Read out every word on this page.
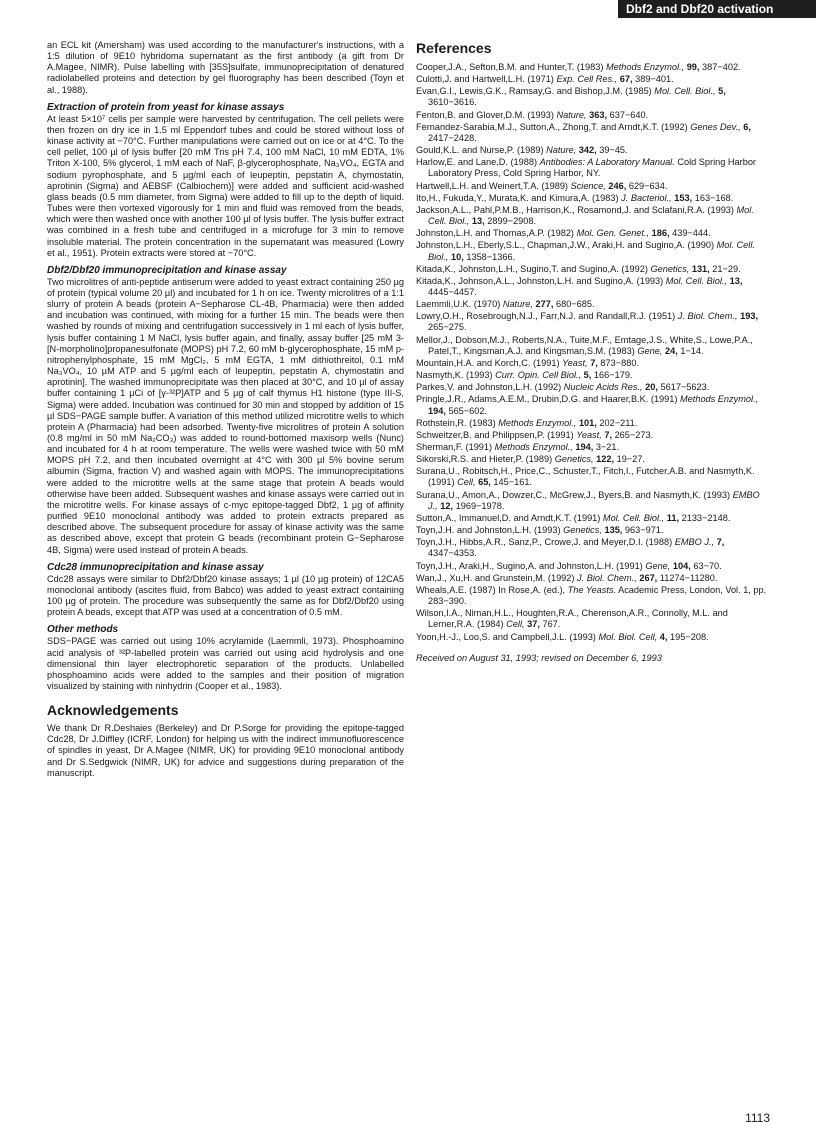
Dbf2 and Dbf20 activation

an ECL kit (Amersham) was used according to the manufacturer's instructions, with a 1:5 dilution of 9E10 hybridoma supernatant as the first antibody (a gift from Dr A.Magee, NIMR). Pulse labelling with [35S]sulfate, immunoprecipitation of denatured radiolabelled proteins and detection by gel fluorography has been described (Toyn et al., 1988).

Extraction of protein from yeast for kinase assays

At least 5×10⁷ cells per sample were harvested by centrifugation. The cell pellets were then frozen on dry ice in 1.5 ml Eppendorf tubes and could be stored without loss of kinase activity at −70°C. Further manipulations were carried out on ice or at 4°C. To the cell pellet, 100 µl of lysis buffer [20 mM Tris pH 7.4, 100 mM NaCl, 10 mM EDTA, 1% Triton X-100, 5% glycerol, 1 mM each of NaF, β-glycerophosphate, Na₃VO₄, EGTA and sodium pyrophosphate, and 5 µg/ml each of leupeptin, pepstatin A, chymostatin, aprotinin (Sigma) and AEBSF (Calbiochem)] were added and sufficient acid-washed glass beads (0.5 mm diameter, from Sigma) were added to fill up to the depth of liquid. Tubes were then vortexed vigorously for 1 min and fluid was removed from the beads, which were then washed once with another 100 µl of lysis buffer. The lysis buffer extract was combined in a fresh tube and centrifuged in a microfuge for 3 min to remove insoluble material. The protein concentration in the supernatant was measured (Lowry et al., 1951). Protein extracts were stored at −70°C.

Dbf2/Dbf20 immunoprecipitation and kinase assay

Two microlitres of anti-peptide antiserum were added to yeast extract containing 250 µg of protein (typical volume 20 µl) and incubated for 1 h on ice. Twenty microlitres of a 1:1 slurry of protein A beads (protein A−Sepharose CL-4B, Pharmacia) were then added and incubation was continued, with mixing for a further 15 min. The beads were then washed by rounds of mixing and centrifugation successively in 1 ml each of lysis buffer, lysis buffer containing 1 M NaCl, lysis buffer again, and finally, assay buffer [25 mM 3-[N-morpholino]propanesulfonate (MOPS) pH 7.2, 60 mM b-glycerophosphate, 15 mM p-nitrophenylphosphate, 15 mM MgCl₂, 5 mM EGTA, 1 mM dithiothreitol, 0.1 mM Na₃VO₄, 10 µM ATP and 5 µg/ml each of leupeptin, pepstatin A, chymostatin and aprotinin]. The washed immunoprecipitate was then placed at 30°C, and 10 µl of assay buffer containing 1 µCi of [γ-³²P]ATP and 5 µg of calf thymus H1 histone (type III-S, Sigma) were added. Incubation was continued for 30 min and stopped by addition of 15 µl SDS−PAGE sample buffer. A variation of this method utilized microtitre wells to which protein A (Pharmacia) had been adsorbed. Twenty-five microlitres of protein A solution (0.8 mg/ml in 50 mM Na₂CO₃) was added to round-bottomed maxisorp wells (Nunc) and incubated for 4 h at room temperature. The wells were washed twice with 50 mM MOPS pH 7.2, and then incubated overnight at 4°C with 300 µl 5% bovine serum albumin (Sigma, fraction V) and washed again with MOPS. The immunoprecipitations were added to the microtitre wells at the same stage that protein A beads would otherwise have been added. Subsequent washes and kinase assays were carried out in the microtitre wells. For kinase assays of c-myc epitope-tagged Dbf2, 1 µg of affinity purified 9E10 monoclonal antibody was added to protein extracts prepared as described above. The subsequent procedure for assay of kinase activity was the same as described above, except that protein G beads (recombinant protein G−Sepharose 4B, Sigma) were used instead of protein A beads.

Cdc28 immunoprecipitation and kinase assay

Cdc28 assays were similar to Dbf2/Dbf20 kinase assays; 1 µl (10 µg protein) of 12CA5 monoclonal antibody (ascites fluid, from Babco) was added to yeast extract containing 100 µg of protein. The procedure was subsequently the same as for Dbf2/Dbf20 using protein A beads, except that ATP was used at a concentration of 0.5 mM.

Other methods

SDS−PAGE was carried out using 10% acrylamide (Laemmli, 1973). Phosphoamino acid analysis of ³²P-labelled protein was carried out using acid hydrolysis and one dimensional thin layer electrophoretic separation of the products. Unlabelled phosphoamino acids were added to the samples and their position of migration visualized by staining with ninhydrin (Cooper et al., 1983).

Acknowledgements

We thank Dr R.Deshaies (Berkeley) and Dr P.Sorge for providing the epitope-tagged Cdc28, Dr J.Diffley (ICRF, London) for helping us with the indirect immunofluorescence of spindles in yeast, Dr A.Magee (NIMR, UK) for providing 9E10 monoclonal antibody and Dr S.Sedgwick (NIMR, UK) for advice and suggestions during preparation of the manuscript.

References

Cooper,J.A., Sefton,B.M. and Hunter,T. (1983) Methods Enzymol., 99, 387−402.

Culotti,J. and Hartwell,L.H. (1971) Exp. Cell Res., 67, 389−401.

Evan,G.I., Lewis,G.K., Ramsay,G. and Bishop,J.M. (1985) Mol. Cell. Biol., 5, 3610−3616.

Fenton,B. and Glover,D.M. (1993) Nature, 363, 637−640.

Fernandez-Sarabia,M.J., Sutton,A., Zhong,T. and Arndt,K.T. (1992) Genes Dev., 6, 2417−2428.

Gould,K.L. and Nurse,P. (1989) Nature, 342, 39−45.

Harlow,E. and Lane,D. (1988) Antibodies: A Laboratory Manual. Cold Spring Harbor Laboratory Press, Cold Spring Harbor, NY.

Hartwell,L.H. and Weinert,T.A. (1989) Science, 246, 629−634.

Ito,H., Fukuda,Y., Murata,K. and Kimura,A. (1983) J. Bacteriol., 153, 163−168.

Jackson,A.L., Pahl,P.M.B., Harrison,K., Rosamond,J. and Sclafani,R.A. (1993) Mol. Cell. Biol., 13, 2899−2908.

Johnston,L.H. and Thomas,A.P. (1982) Mol. Gen. Genet., 186, 439−444.

Johnston,L.H., Eberly,S.L., Chapman,J.W., Araki,H. and Sugino,A. (1990) Mol. Cell. Biol., 10, 1358−1366.

Kitada,K., Johnston,L.H., Sugino,T. and Sugino,A. (1992) Genetics, 131, 21−29.

Kitada,K., Johnson,A.L., Johnston,L.H. and Sugino,A. (1993) Mol. Cell. Biol., 13, 4445−4457.

Laemmli,U.K. (1970) Nature, 277, 680−685.

Lowry,O.H., Rosebrough,N.J., Farr,N.J. and Randall,R.J. (1951) J. Biol. Chem., 193, 265−275.

Mellor,J., Dobson,M.J., Roberts,N.A., Tuite,M.F., Emtage,J.S., White,S., Lowe,P.A., Patel,T., Kingsman,A.J. and Kingsman,S.M. (1983) Gene, 24, 1−14.

Mountain,H.A. and Korch,C. (1991) Yeast, 7, 873−880.

Nasmyth,K. (1993) Curr. Opin. Cell Biol., 5, 166−179.

Parkes,V. and Johnston,L.H. (1992) Nucleic Acids Res., 20, 5617−5623.

Pringle,J.R., Adams,A.E.M., Drubin,D.G. and Haarer,B.K. (1991) Methods Enzymol., 194, 565−602.

Rothstein,R. (1983) Methods Enzymol., 101, 202−211.

Schweitzer,B. and Philippsen,P. (1991) Yeast, 7, 265−273.

Sherman,F. (1991) Methods Enzymol., 194, 3−21.

Sikorski,R.S. and Hieter,P. (1989) Genetics, 122, 19−27.

Surana,U., Robitsch,H., Price,C., Schuster,T., Fitch,I., Futcher,A.B. and Nasmyth,K. (1991) Cell, 65, 145−161.

Surana,U., Amon,A., Dowzer,C., McGrew,J., Byers,B. and Nasmyth,K. (1993) EMBO J., 12, 1969−1978.

Sutton,A., Immanuel,D. and Arndt,K.T. (1991) Mol. Cell. Biol., 11, 2133−2148.

Toyn,J.H. and Johnston,L.H. (1993) Genetics, 135, 963−971.

Toyn,J.H., Hibbs,A.R., Sanz,P., Crowe,J. and Meyer,D.I. (1988) EMBO J., 7, 4347−4353.

Toyn,J.H., Araki,H., Sugino,A. and Johnston,L.H. (1991) Gene, 104, 63−70.

Wan,J., Xu,H. and Grunstein,M. (1992) J. Biol. Chem., 267, 11274−11280.

Wheals,A.E. (1987) In Rose,A. (ed.), The Yeasts. Academic Press, London, Vol. 1, pp. 283−390.

Wilson,I.A., Niman,H.L., Houghten,R.A., Cherenson,A.R., Connolly, M.L. and Lerner,R.A. (1984) Cell, 37, 767.

Yoon,H.-J., Loo,S. and Campbell,J.L. (1993) Mol. Biol. Cell, 4, 195−208.

Received on August 31, 1993; revised on December 6, 1993

1113
